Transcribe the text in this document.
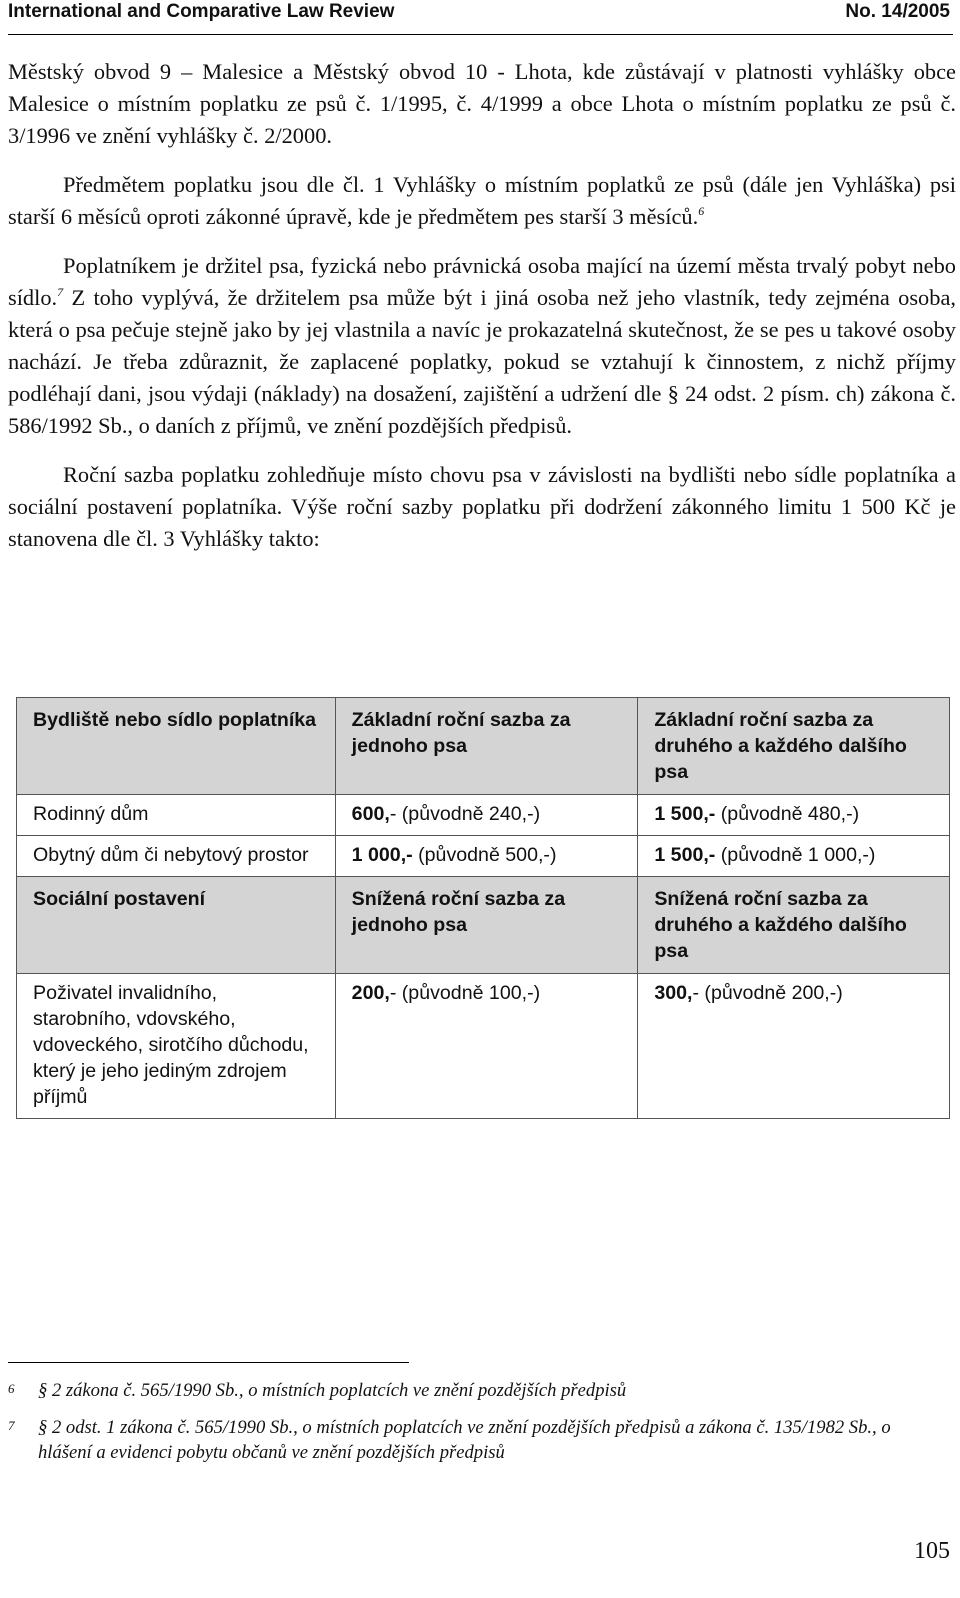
International and Comparative Law Review	No. 14/2005

Městský obvod 9 – Malesice a Městský obvod 10 - Lhota, kde zůstávají v platnosti vyhlášky obce Malesice o místním poplatku ze psů č. 1/1995, č. 4/1999 a obce Lhota o místním poplatku ze psů č. 3/1996 ve znění vyhlášky č. 2/2000.

Předmětem poplatku jsou dle čl. 1 Vyhlášky o místním poplatků ze psů (dále jen Vyhláška) psi starší 6 měsíců oproti zákonné úpravě, kde je předmětem pes starší 3 měsíců.$^6$

Poplatníkem je držitel psa, fyzická nebo právnická osoba mající na území města trvalý pobyt nebo sídlo.$^7$ Z toho vyplývá, že držitelem psa může být i jiná osoba než jeho vlastník, tedy zejména osoba, která o psa pečuje stejně jako by jej vlastnila a navíc je prokazatelná skutečnost, že se pes u takové osoby nachází. Je třeba zdůraznit, že zaplacené poplatky, pokud se vztahují k činnostem, z nichž příjmy podléhají dani, jsou výdaji (náklady) na dosažení, zajištění a udržení dle § 24 odst. 2 písm. ch) zákona č. 586/1992 Sb., o daních z příjmů, ve znění pozdějších předpisů.

Roční sazba poplatku zohledňuje místo chovu psa v závislosti na bydlišti nebo sídle poplatníka a sociální postavení poplatníka. Výše roční sazby poplatku při dodržení zákonného limitu 1 500 Kč je stanovena dle čl. 3 Vyhlášky takto:

Bydliště nebo sídlo poplatníka	Základní roční sazba za jednoho psa	Základní roční sazba za druhého a každého dalšího psa
Rodinný dům	600,- (původně 240,-)	1 500,- (původně 480,-)
Obytný dům či nebytový prostor	1 000,- (původně 500,-)	1 500,- (původně 1 000,-)
Sociální postavení	Snížená roční sazba za jednoho psa	Snížená roční sazba za druhého a každého dalšího psa
Poživatel invalidního, starobního, vdovského, vdoveckého, sirotčího důchodu, který je jeho jediným zdrojem příjmů	200,- (původně 100,-)	300,- (původně 200,-)
6 § 2 zákona č. 565/1990 Sb., o místních poplatcích ve znění pozdějších předpisů
7 § 2 odst. 1 zákona č. 565/1990 Sb., o místních poplatcích ve znění pozdějších předpisů a zákona č. 135/1982 Sb., o hlášení a evidenci pobytu občanů ve znění pozdějších předpisů
105
